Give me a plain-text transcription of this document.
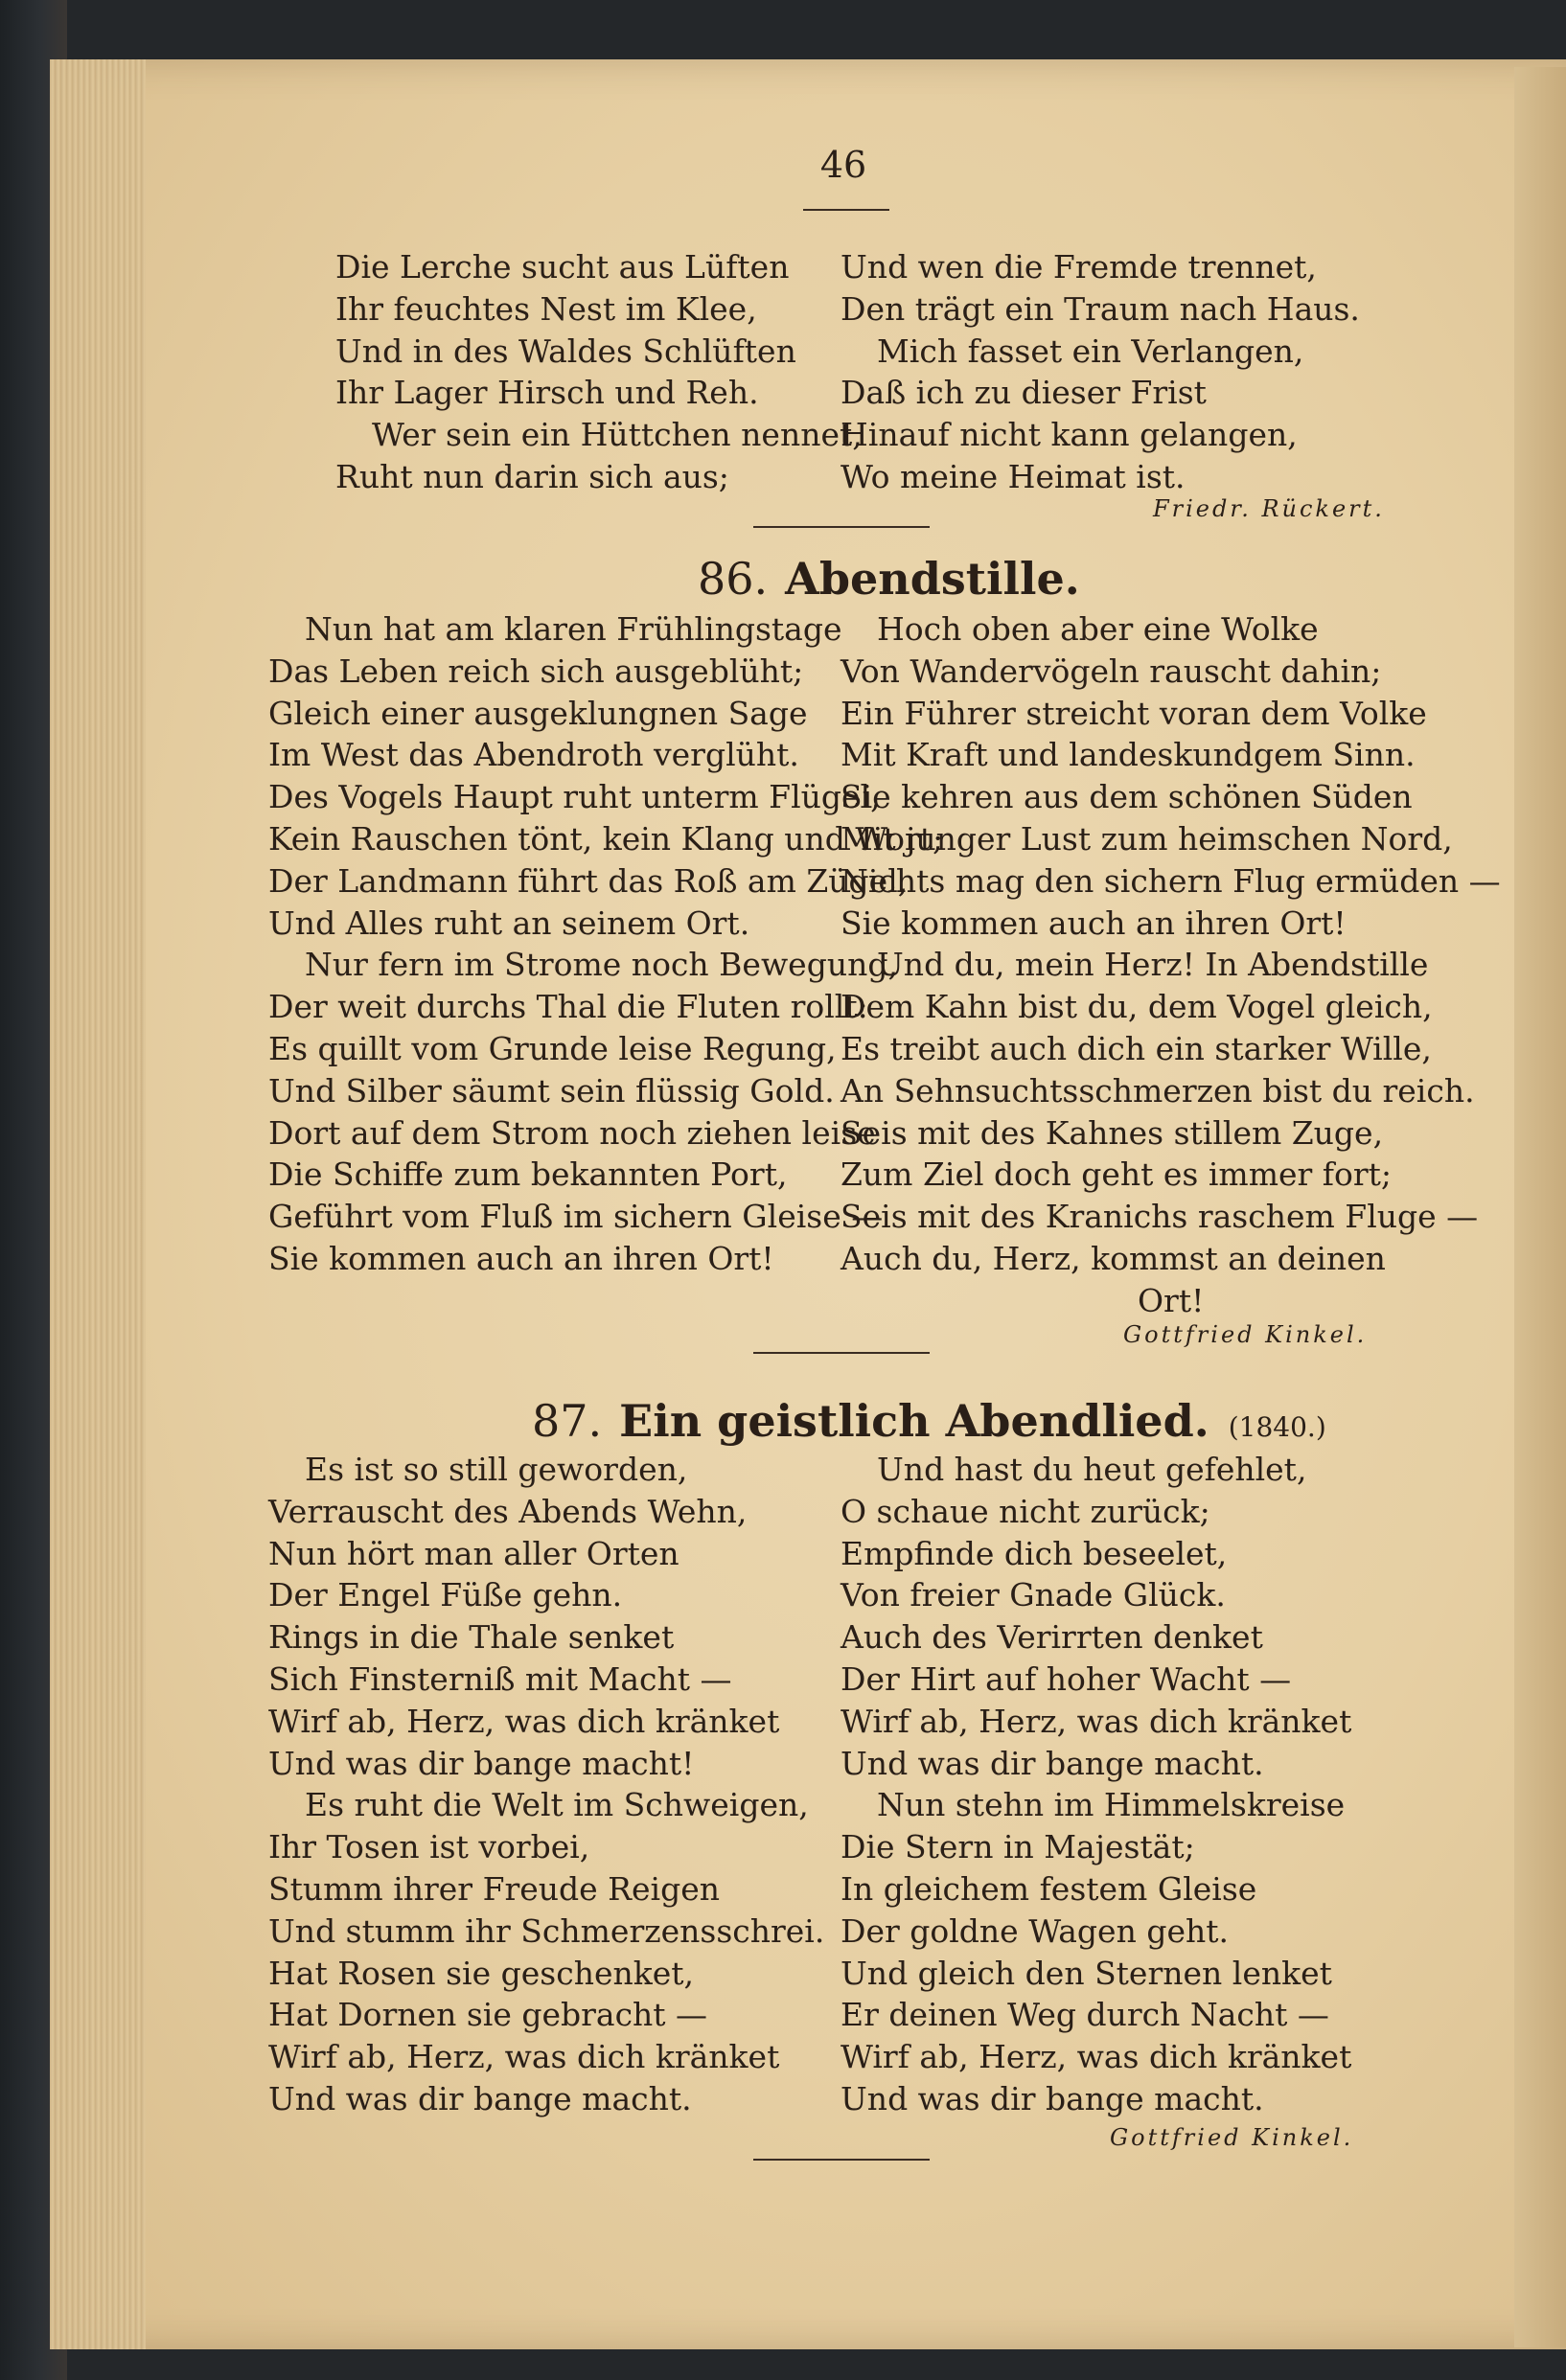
46
Die Lerche sucht aus Lüften
Ihr feuchtes Nest im Klee,
Und in des Waldes Schlüften
Ihr Lager Hirsch und Reh.
Wer sein ein Hüttchen nennet,
Ruht nun darin sich aus;
Und wen die Fremde trennet,
Den trägt ein Traum nach Haus.
Mich fasset ein Verlangen,
Daß ich zu dieser Frist
Hinauf nicht kann gelangen,
Wo meine Heimat ist.
Friedr. Rückert.
86. Abendstille.
Nun hat am klaren Frühlingstage
Das Leben reich sich ausgeblüht;
Gleich einer ausgeklungnen Sage
Im West das Abendroth verglüht.
Des Vogels Haupt ruht unterm Flügel,
Kein Rauschen tönt, kein Klang und Wort;
Der Landmann führt das Roß am Zügel,
Und Alles ruht an seinem Ort.
Nur fern im Strome noch Bewegung,
Der weit durchs Thal die Fluten rollt:
Es quillt vom Grunde leise Regung,
Und Silber säumt sein flüssig Gold.
Dort auf dem Strom noch ziehen leise
Die Schiffe zum bekannten Port,
Geführt vom Fluß im sichern Gleise —
Sie kommen auch an ihren Ort!
Hoch oben aber eine Wolke
Von Wandervögeln rauscht dahin;
Ein Führer streicht voran dem Volke
Mit Kraft und landeskundgem Sinn.
Sie kehren aus dem schönen Süden
Mit junger Lust zum heimschen Nord,
Nichts mag den sichern Flug ermüden —
Sie kommen auch an ihren Ort!
Und du, mein Herz! In Abendstille
Dem Kahn bist du, dem Vogel gleich,
Es treibt auch dich ein starker Wille,
An Sehnsuchtsschmerzen bist du reich.
Seis mit des Kahnes stillem Zuge,
Zum Ziel doch geht es immer fort;
Seis mit des Kranichs raschem Fluge —
Auch du, Herz, kommst an deinen
Ort!
Gottfried Kinkel.
87. Ein geistlich Abendlied. (1840.)
Es ist so still geworden,
Verrauscht des Abends Wehn,
Nun hört man aller Orten
Der Engel Füße gehn.
Rings in die Thale senket
Sich Finsterniß mit Macht —
Wirf ab, Herz, was dich kränket
Und was dir bange macht!
Es ruht die Welt im Schweigen,
Ihr Tosen ist vorbei,
Stumm ihrer Freude Reigen
Und stumm ihr Schmerzensschrei.
Hat Rosen sie geschenket,
Hat Dornen sie gebracht —
Wirf ab, Herz, was dich kränket
Und was dir bange macht.
Und hast du heut gefehlet,
O schaue nicht zurück;
Empfinde dich beseelet,
Von freier Gnade Glück.
Auch des Verirrten denket
Der Hirt auf hoher Wacht —
Wirf ab, Herz, was dich kränket
Und was dir bange macht.
Nun stehn im Himmelskreise
Die Stern in Majestät;
In gleichem festem Gleise
Der goldne Wagen geht.
Und gleich den Sternen lenket
Er deinen Weg durch Nacht —
Wirf ab, Herz, was dich kränket
Und was dir bange macht.
Gottfried Kinkel.
